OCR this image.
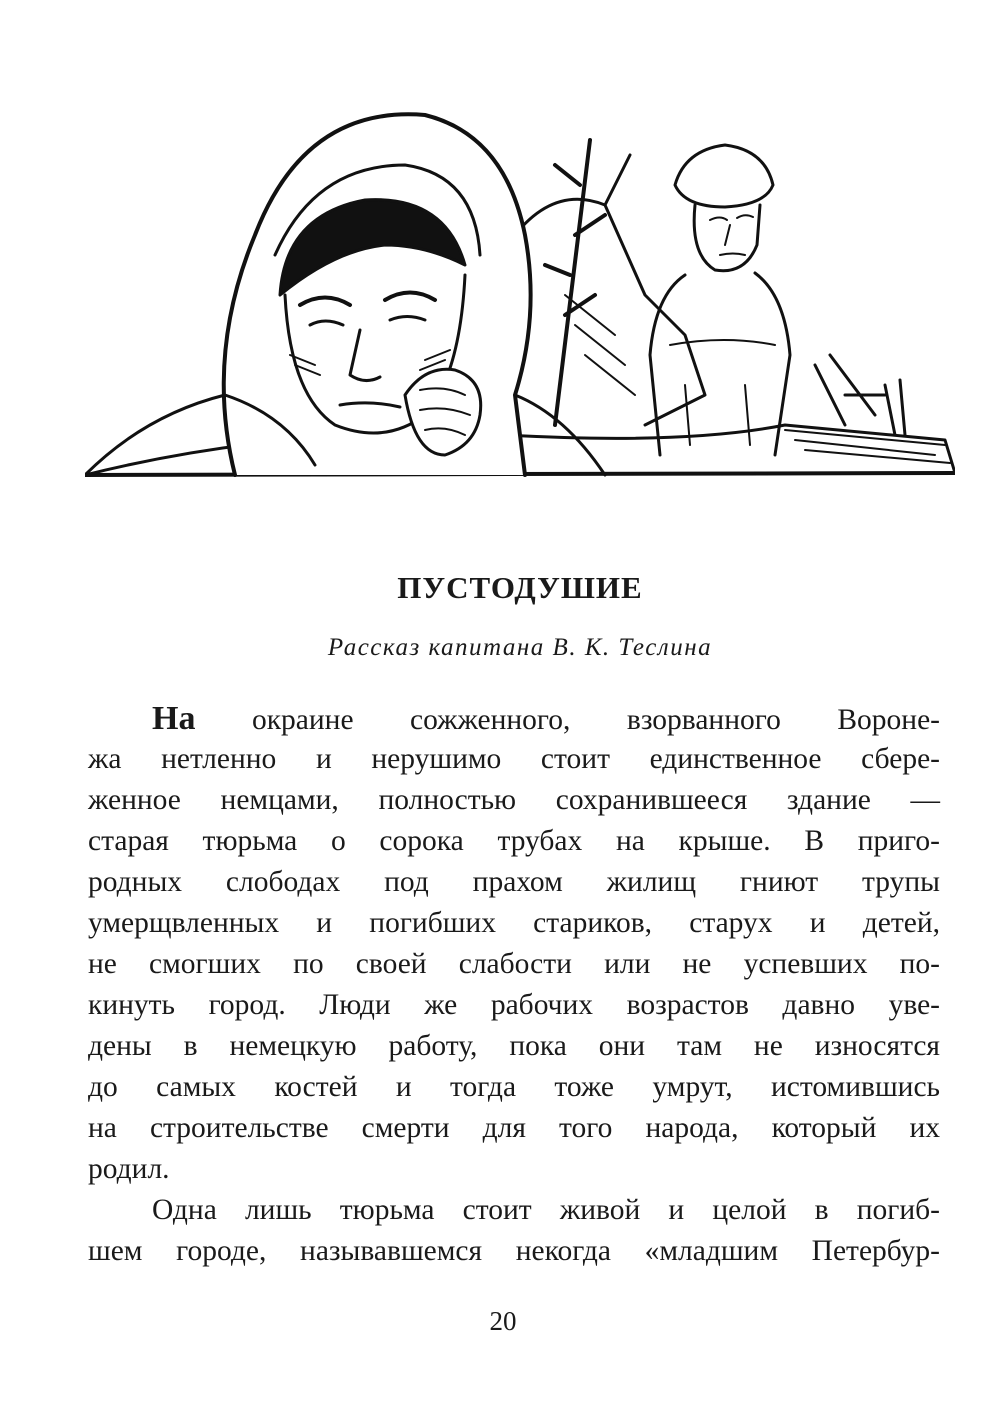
ПУСТОДУШИЕ
Рассказ капитана В. К. Теслина
На окраине сожженного, взорванного Вороне-
жа нетленно и нерушимо стоит единственное сбере-
женное немцами, полностью сохранившееся здание —
старая тюрьма о сорока трубах на крыше. В приго-
родных слободах под прахом жилищ гниют трупы
умерщвленных и погибших стариков, старух и детей,
не смогших по своей слабости или не успевших по-
кинуть город. Люди же рабочих возрастов давно уве-
дены в немецкую работу, пока они там не износятся
до самых костей и тогда тоже умрут, истомившись
на строительстве смерти для того народа, который их
родил.
Одна лишь тюрьма стоит живой и целой в погиб-
шем городе, называвшемся некогда «младшим Петербур-
20
